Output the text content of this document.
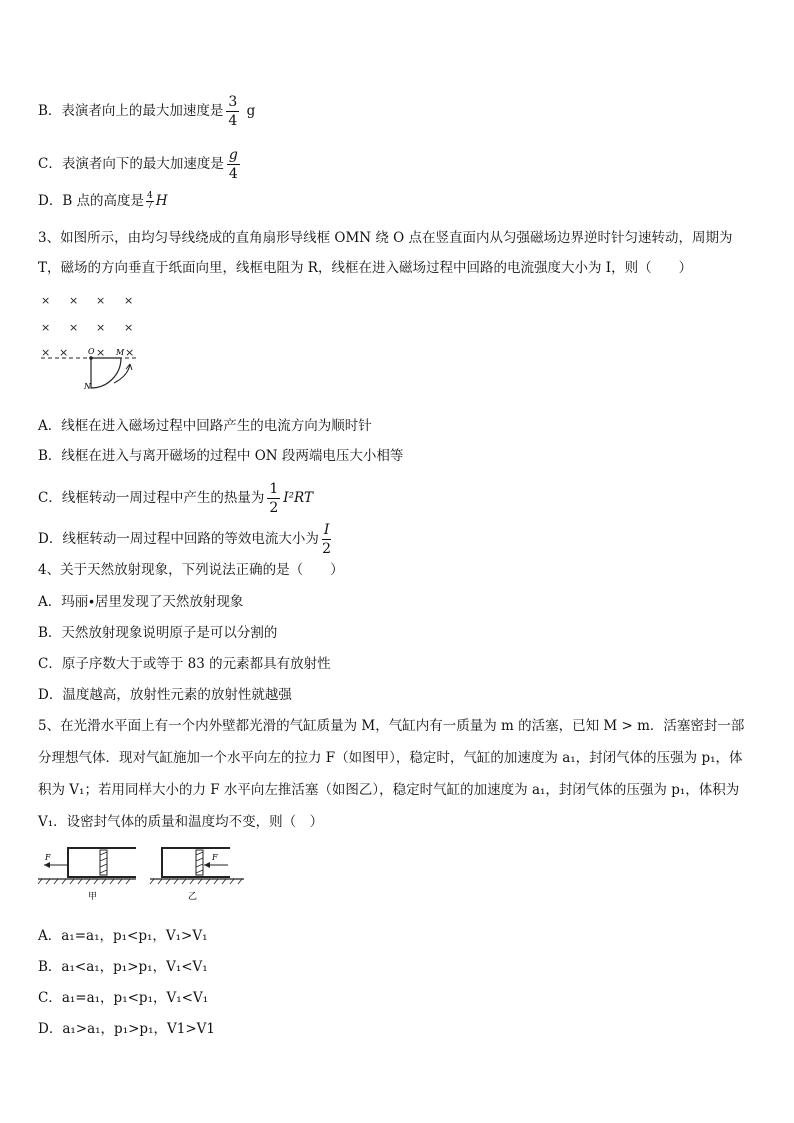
B．表演者向上的最大加速度是 $\frac{3}{4}$ g
C．表演者向下的最大加速度是 $\frac{g}{4}$
D．B 点的高度是 $\frac{4}{7}$ H
3、如图所示，由均匀导线绕成的直角扇形导线框 OMN 绕 O 点在竖直面内从匀强磁场边界逆时针匀速转动，周期为
T，磁场的方向垂直于纸面向里，线框电阻为 R，线框在进入磁场过程中回路的电流强度大小为 I，则（　　）
× × × ×
× × × ×
× ×	× ×
O	M
N
A．线框在进入磁场过程中回路产生的电流方向为顺时针
B．线框在进入与离开磁场的过程中 ON 段两端电压大小相等
C．线框转动一周过程中产生的热量为 $\frac{1}{2} I^2RT$
D．线框转动一周过程中回路的等效电流大小为 $\frac{I}{2}$
4、关于天然放射现象，下列说法正确的是（　　）
A．玛丽∙居里发现了天然放射现象
B．天然放射现象说明原子是可以分割的
C．原子序数大于或等于 83 的元素都具有放射性
D．温度越高，放射性元素的放射性就越强
5、在光滑水平面上有一个内外壁都光滑的气缸质量为 M，气缸内有一质量为 m 的活塞，已知 M > m．活塞密封一部
分理想气体．现对气缸施加一个水平向左的拉力 F（如图甲），稳定时，气缸的加速度为 a₁，封闭气体的压强为 p₁，体
积为 V₁；若用同样大小的力 F 水平向左推活塞（如图乙），稳定时气缸的加速度为 a₁，封闭气体的压强为 p₁，体积为
V₁．设密封气体的质量和温度均不变，则（　）
F
甲
F
乙
A．a₁=a₁，p₁<p₁，V₁>V₁
B．a₁<a₁，p₁>p₁，V₁<V₁
C．a₁=a₁，p₁<p₁，V₁<V₁
D．a₁>a₁，p₁>p₁，V1>V1
